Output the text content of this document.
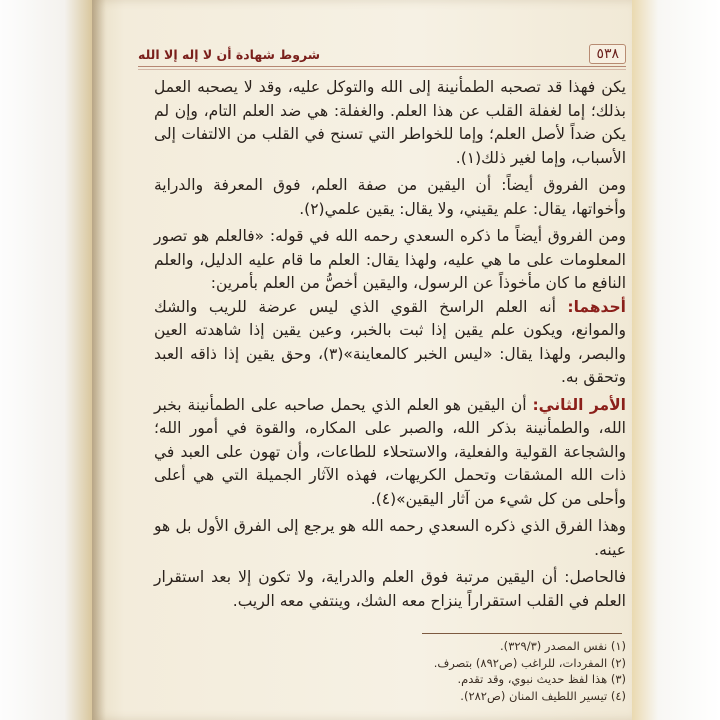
شروط شهادة أن لا إله إلا الله	٥٣٨

يكن فهذا قد تصحبه الطمأنينة إلى الله والتوكل عليه، وقد لا يصحبه العمل بذلك؛ إما لغفلة القلب عن هذا العلم. والغفلة: هي ضد العلم التام، وإن لم يكن ضداً لأصل العلم؛ وإما للخواطر التي تسنح في القلب من الالتفات إلى الأسباب، وإما لغير ذلك(١).

ومن الفروق أيضاً: أن اليقين من صفة العلم، فوق المعرفة والدراية وأخواتها، يقال: علم يقيني، ولا يقال: يقين علمي(٢).

ومن الفروق أيضاً ما ذكره السعدي رحمه الله في قوله: «فالعلم هو تصور المعلومات على ما هي عليه، ولهذا يقال: العلم ما قام عليه الدليل، والعلم النافع ما كان مأخوذاً عن الرسول، واليقين أخصُّ من العلم بأمرين:

أحدهما: أنه العلم الراسخ القوي الذي ليس عرضة للريب والشك والموانع، ويكون علم يقين إذا ثبت بالخبر، وعين يقين إذا شاهدته العين والبصر، ولهذا يقال: «ليس الخبر كالمعاينة»(٣)، وحق يقين إذا ذاقه العبد وتحقق به.

الأمر الثاني: أن اليقين هو العلم الذي يحمل صاحبه على الطمأنينة بخبر الله، والطمأنينة بذكر الله، والصبر على المكاره، والقوة في أمور الله؛ والشجاعة القولية والفعلية، والاستحلاء للطاعات، وأن تهون على العبد في ذات الله المشقات وتحمل الكريهات، فهذه الآثار الجميلة التي هي أعلى وأحلى من كل شيء من آثار اليقين»(٤).

وهذا الفرق الذي ذكره السعدي رحمه الله هو يرجع إلى الفرق الأول بل هو عينه.

فالحاصل: أن اليقين مرتبة فوق العلم والدراية، ولا تكون إلا بعد استقرار العلم في القلب استقراراً ينزاح معه الشك، وينتفي معه الريب.

(١) نفس المصدر (٣٢٩/٣).

(٢) المفردات، للراغب (ص٨٩٢) بتصرف.

(٣) هذا لفظ حديث نبوي، وقد تقدم.

(٤) تيسير اللطيف المنان (ص٢٨٢).
